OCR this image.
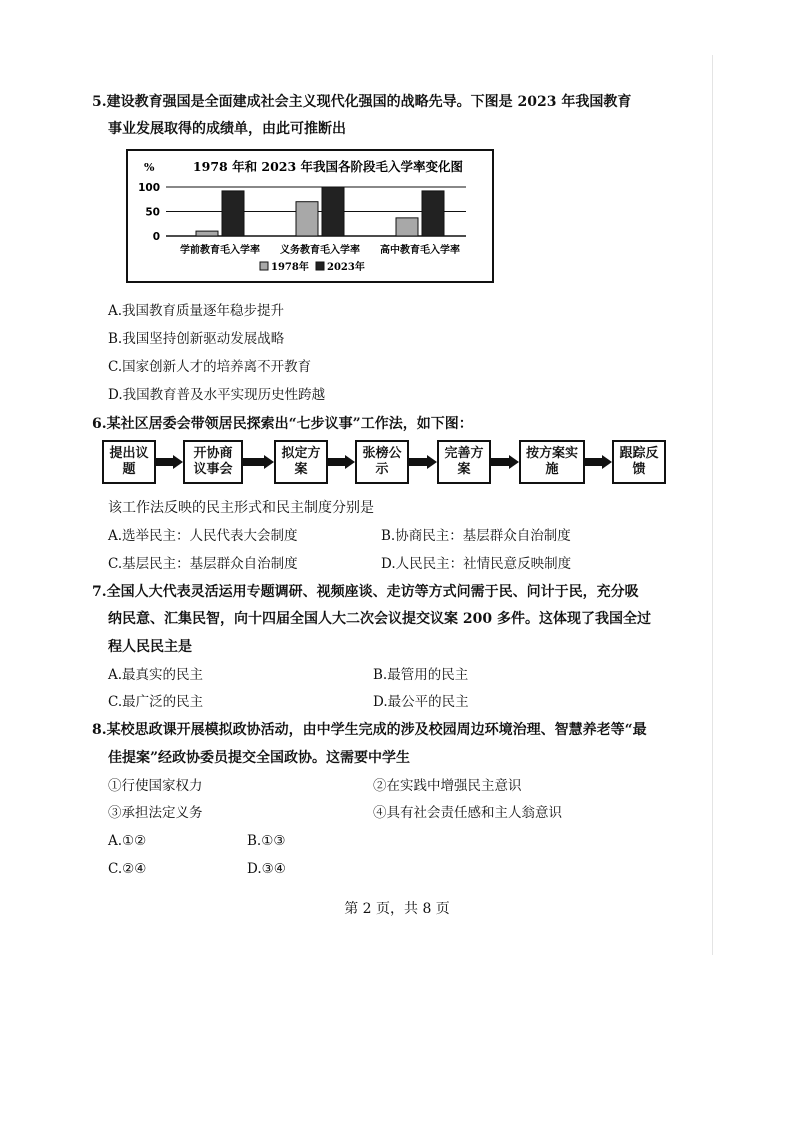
5.建设教育强国是全面建成社会主义现代化强国的战略先导。下图是 2023 年我国教育
事业发展取得的成绩单，由此可推断出
1978 年和 2023 年我国各阶段毛入学率变化图
%
0
50
100
学前教育毛入学率 义务教育毛入学率 高中教育毛入学率
1978年 2023年
A.我国教育质量逐年稳步提升
B.我国坚持创新驱动发展战略
C.国家创新人才的培养离不开教育
D.我国教育普及水平实现历史性跨越
6.某社区居委会带领居民探索出“七步议事”工作法，如下图：
提出议题
开协商议事会
拟定方案
张榜公示
完善方案
按方案实施
跟踪反馈
该工作法反映的民主形式和民主制度分别是
A.选举民主：人民代表大会制度	B.协商民主：基层群众自治制度
C.基层民主：基层群众自治制度	D.人民民主：社情民意反映制度
7.全国人大代表灵活运用专题调研、视频座谈、走访等方式问需于民、问计于民，充分吸
纳民意、汇集民智，向十四届全国人大二次会议提交议案 200 多件。这体现了我国全过
程人民民主是
A.最真实的民主	B.最管用的民主
C.最广泛的民主	D.最公平的民主
8.某校思政课开展模拟政协活动，由中学生完成的涉及校园周边环境治理、智慧养老等“最
佳提案”经政协委员提交全国政协。这需要中学生
①行使国家权力	②在实践中增强民主意识
③承担法定义务	④具有社会责任感和主人翁意识
A.①②	B.①③
C.②④	D.③④
第 2 页，共 8 页
